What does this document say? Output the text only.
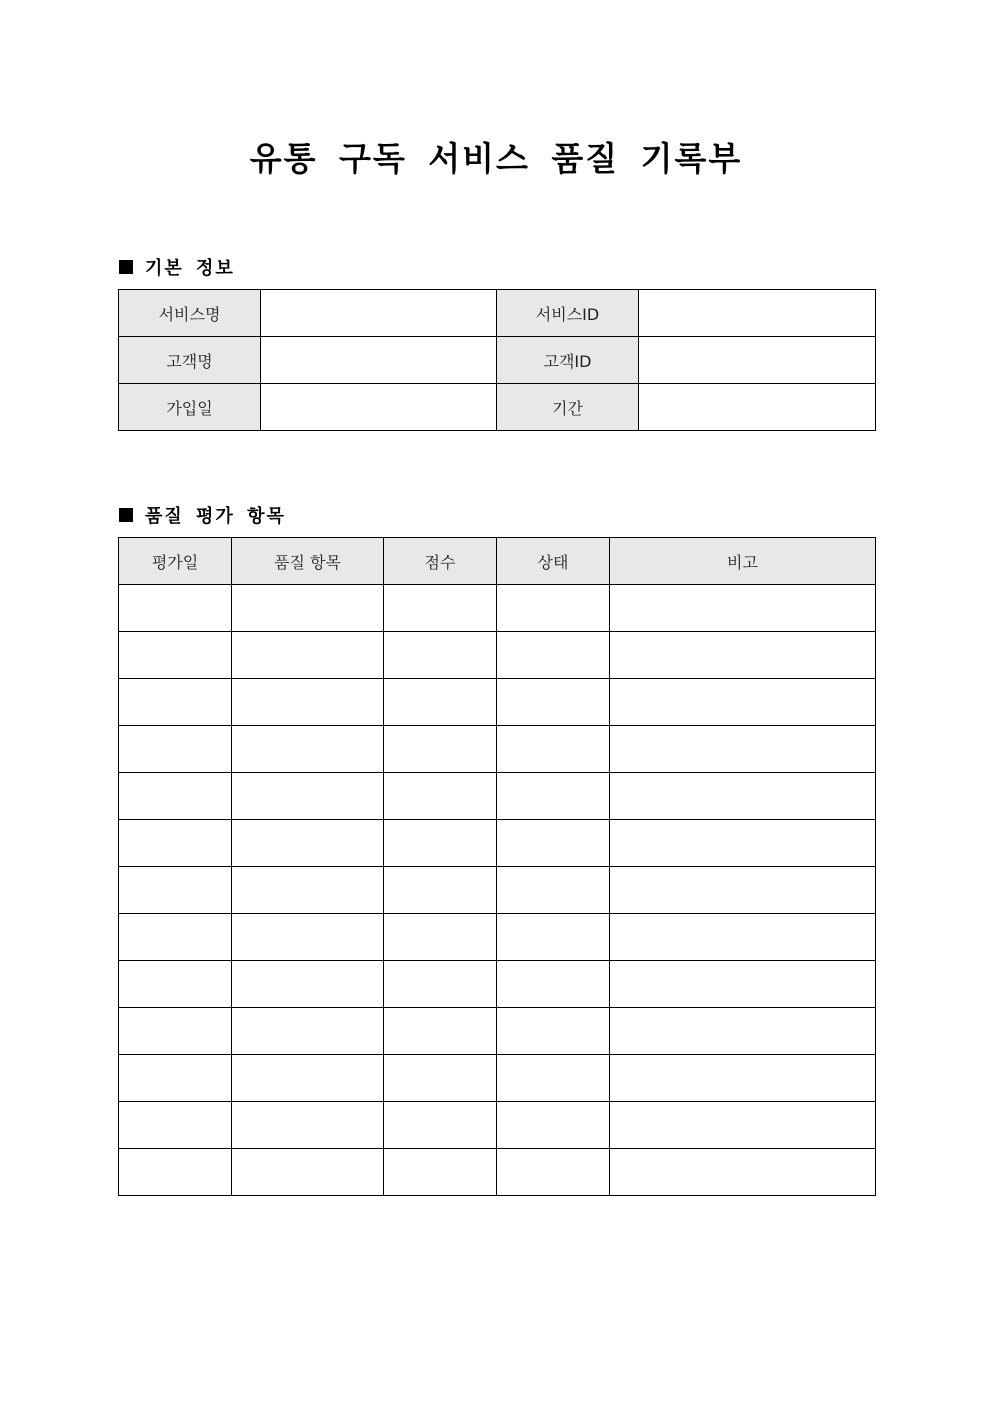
유통 구독 서비스 품질 기록부
기본 정보
서비스명		서비스ID	
고객명		고객ID	
가입일		기간	
품질 평가 항목
평가일	품질 항목	점수	상태	비고
